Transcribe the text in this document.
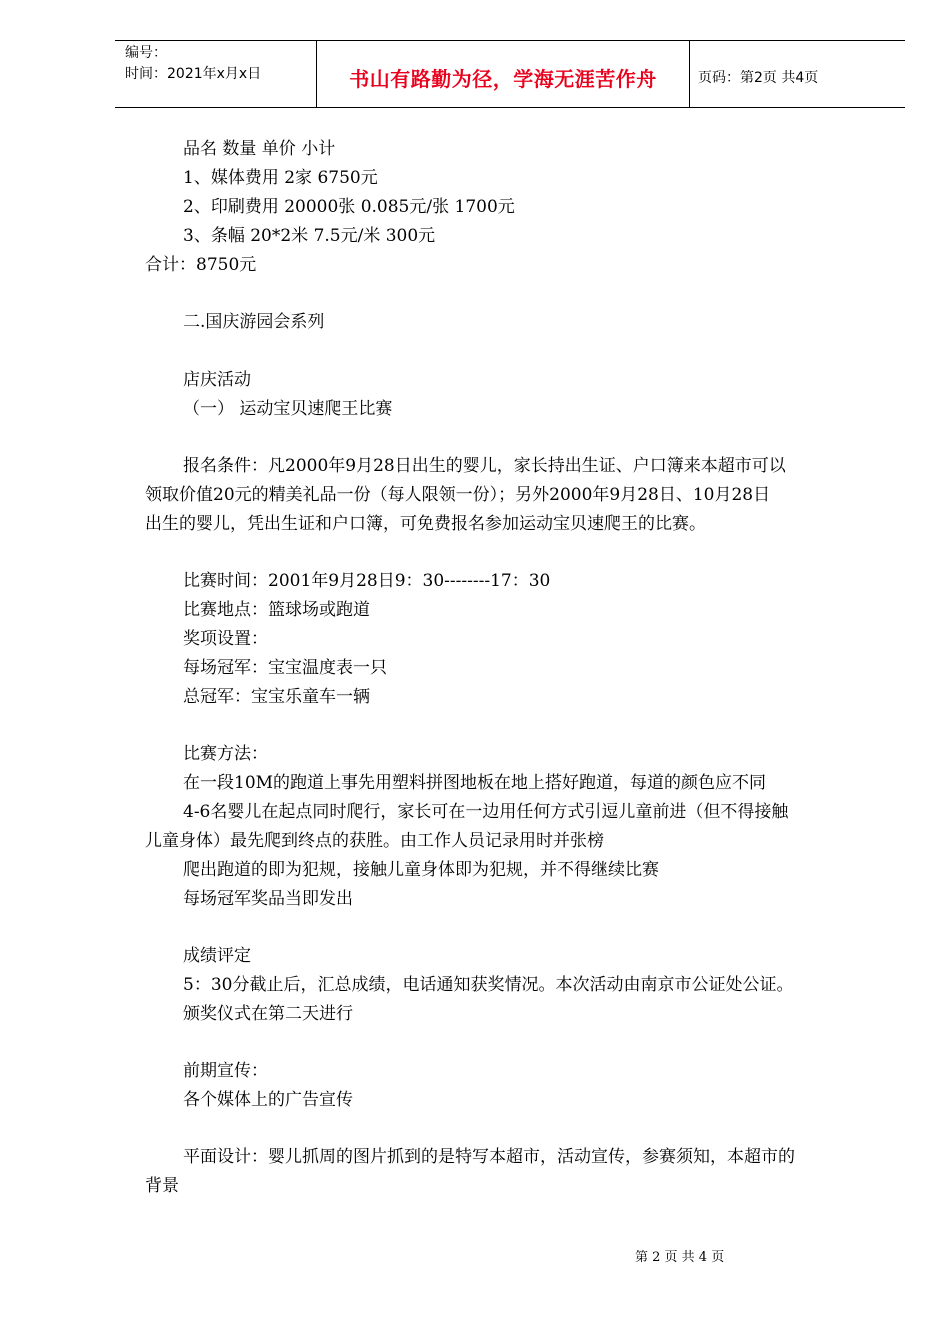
编号：
时间：2021年x月x日	书山有路勤为径，学海无涯苦作舟	页码：第2页 共4页
品名 数量 单价 小计
1、媒体费用 2家 6750元
2、印刷费用 20000张 0.085元/张 1700元
3、条幅 20*2米 7.5元/米 300元
合计：8750元
二.国庆游园会系列
店庆活动
（一） 运动宝贝速爬王比赛
报名条件：凡2000年9月28日出生的婴儿，家长持出生证、户口簿来本超市可以
领取价值20元的精美礼品一份（每人限领一份）；另外2000年9月28日、10月28日
出生的婴儿，凭出生证和户口簿，可免费报名参加运动宝贝速爬王的比赛。
比赛时间：2001年9月28日9：30--------17：30
比赛地点：篮球场或跑道
奖项设置：
每场冠军：宝宝温度表一只
总冠军：宝宝乐童车一辆
比赛方法：
在一段10M的跑道上事先用塑料拼图地板在地上搭好跑道，每道的颜色应不同
4-6名婴儿在起点同时爬行，家长可在一边用任何方式引逗儿童前进（但不得接触
儿童身体）最先爬到终点的获胜。由工作人员记录用时并张榜
爬出跑道的即为犯规，接触儿童身体即为犯规，并不得继续比赛
每场冠军奖品当即发出
成绩评定
5：30分截止后，汇总成绩，电话通知获奖情况。本次活动由南京市公证处公证。
颁奖仪式在第二天进行
前期宣传：
各个媒体上的广告宣传
平面设计：婴儿抓周的图片抓到的是特写本超市，活动宣传，参赛须知，本超市的
背景
第 2 页 共 4 页
